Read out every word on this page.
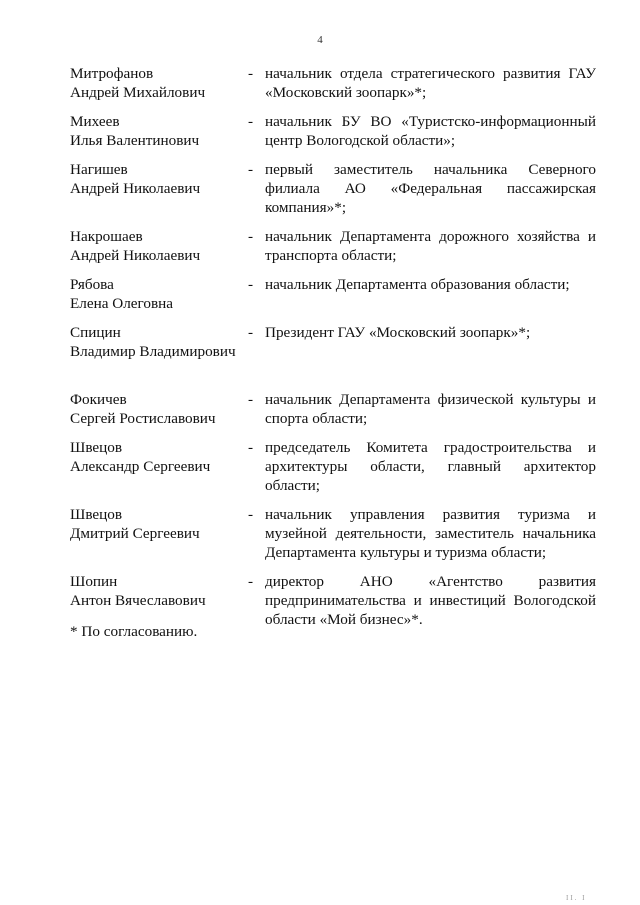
4
Митрофанов
Андрей Михайлович
- начальник отдела стратегического развития ГАУ «Московский зоопарк»*;
Михеев
Илья Валентинович
- начальник БУ ВО «Туристско-информационный центр Вологодской области»;
Нагишев
Андрей Николаевич
- первый заместитель начальника Северного филиала АО «Федеральная пассажирская компания»*;
Накрошаев
Андрей Николаевич
- начальник Департамента дорожного хозяйства и транспорта области;
Рябова
Елена Олеговна
- начальник Департамента образования области;
Спицин
Владимир Владимирович
- Президент ГАУ «Московский зоопарк»*;
Фокичев
Сергей Ростиславович
- начальник Департамента физической культуры и спорта области;
Швецов
Александр Сергеевич
- председатель Комитета градостроительства и архитектуры области, главный архитектор области;
Швецов
Дмитрий Сергеевич
- начальник управления развития туризма и музейной деятельности, заместитель начальника Департамента культуры и туризма области;
Шопин
Антон Вячеславович
- директор АНО «Агентство развития предпринимательства и инвестиций Вологодской области «Мой бизнес»*.
* По согласованию.
II. I
